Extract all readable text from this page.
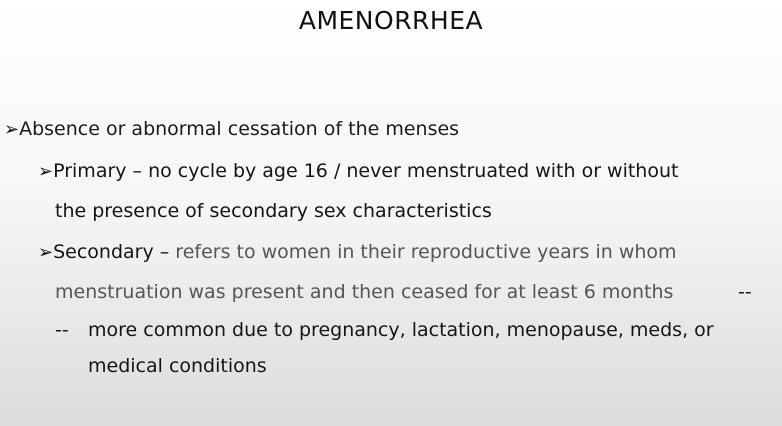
AMENORRHEA
➢Absence or abnormal cessation of the menses
➢Primary – no cycle by age 16 / never menstruated with or without
the presence of secondary sex characteristics
➢Secondary – refers to women in their reproductive years in whom
menstruation was present and then ceased for at least 6 months	--
-- more common due to pregnancy, lactation, menopause, meds, or
medical conditions
